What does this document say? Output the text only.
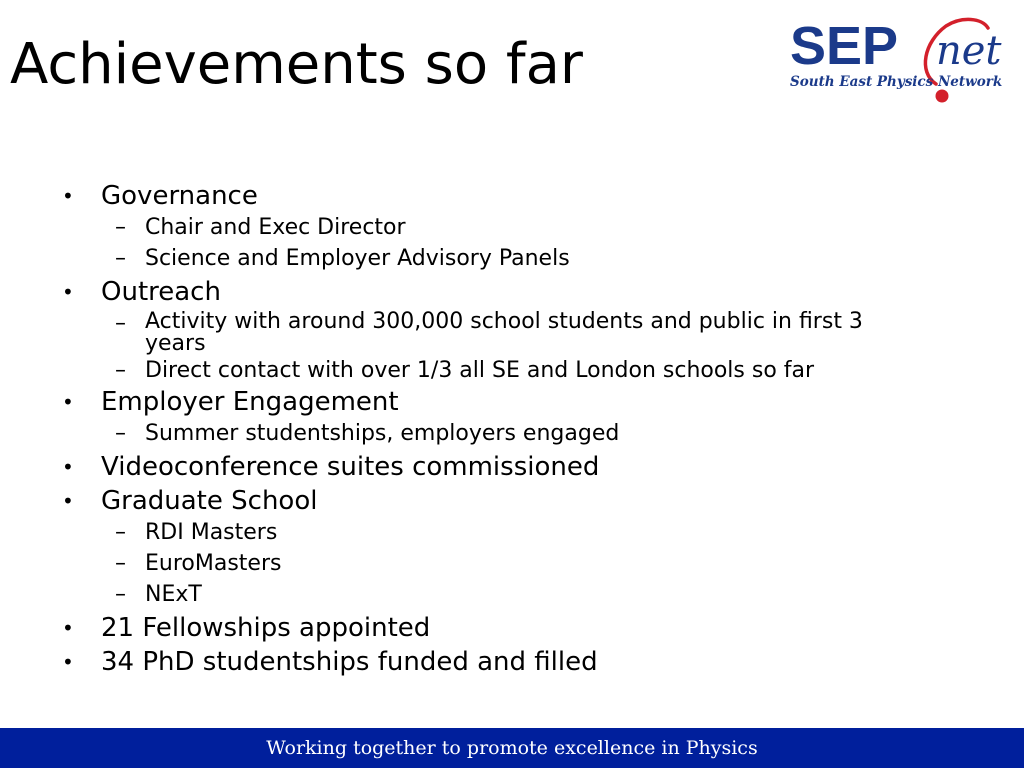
Achievements so far	SEP net
South East Physics Network
•	Governance
– Chair and Exec Director
– Science and Employer Advisory Panels
•	Outreach
– Activity with around 300,000 school students and public in first 3 years
– Direct contact with over 1/3 all SE and London schools so far
•	Employer Engagement
– Summer studentships, employers engaged
•	Videoconference suites commissioned
•	Graduate School
– RDI Masters
– EuroMasters
– NExT
•	21 Fellowships appointed
•	34 PhD studentships funded and filled
Working together to promote excellence in Physics
